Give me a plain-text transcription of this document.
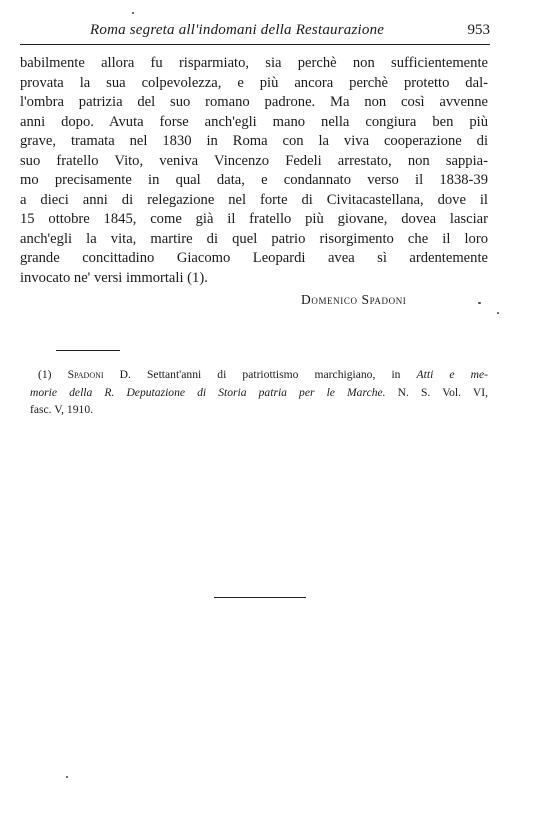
Roma segreta all'indomani della Restaurazione	953
babilmente allora fu risparmiato, sia perchè non sufficientemente
provata la sua colpevolezza, e più ancora perchè protetto dal-
l'ombra patrizia del suo romano padrone. Ma non così avvenne
anni dopo. Avuta forse anch'egli mano nella congiura ben più
grave, tramata nel 1830 in Roma con la viva cooperazione di
suo fratello Vito, veniva Vincenzo Fedeli arrestato, non sappia-
mo precisamente in qual data, e condannato verso il 1838-39
a dieci anni di relegazione nel forte di Civitacastellana, dove il
15 ottobre 1845, come già il fratello più giovane, dovea lasciar
anch'egli la vita, martire di quel patrio risorgimento che il loro
grande concittadino Giacomo Leopardi avea sì ardentemente
invocato ne' versi immortali (1).
Domenico Spadoni
(1) Spadoni D. Settant'anni di patriottismo marchigiano, in Atti e me-
morie della R. Deputazione di Storia patria per le Marche. N. S. Vol. VI,
fasc. V, 1910.
